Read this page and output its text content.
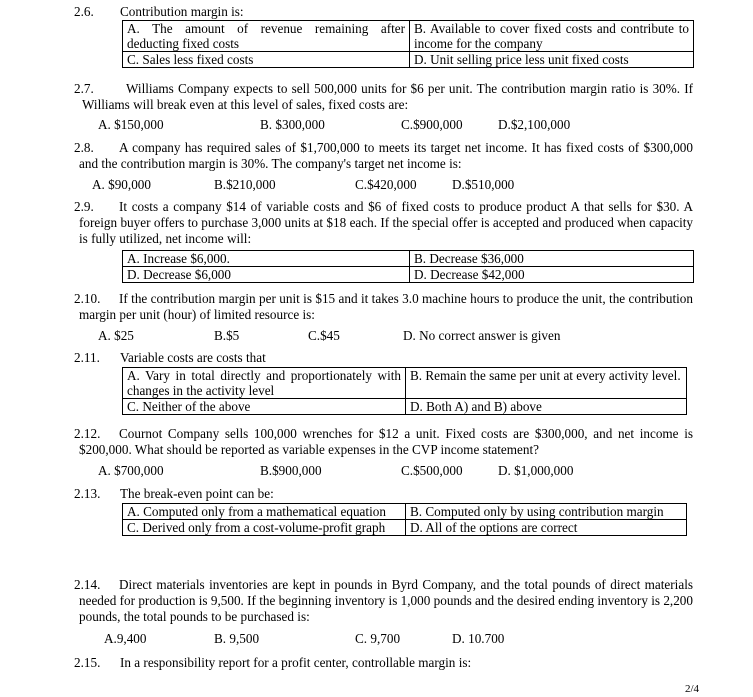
2.6. Contribution margin is:
A. The amount of revenue remaining after deducting fixed costs	B. Available to cover fixed costs and contribute to income for the company
C. Sales less fixed costs	D. Unit selling price less unit fixed costs
2.7.	Williams Company expects to sell 500,000 units for $6 per unit. The contribution margin ratio is 30%. If Williams will break even at this level of sales, fixed costs are:
A. $150,000	B. $300,000	C.$900,000	D.$2,100,000
2.8.	A company has required sales of $1,700,000 to meets its target net income. It has fixed costs of $300,000 and the contribution margin is 30%. The company's target net income is:
A. $90,000	B.$210,000	C.$420,000	D.$510,000
2.9.	It costs a company $14 of variable costs and $6 of fixed costs to produce product A that sells for $30. A foreign buyer offers to purchase 3,000 units at $18 each. If the special offer is accepted and produced when capacity is fully utilized, net income will:
A. Increase $6,000.	B. Decrease $36,000
D. Decrease $6,000	D. Decrease $42,000
2.10.	If the contribution margin per unit is $15 and it takes 3.0 machine hours to produce the unit, the contribution margin per unit (hour) of limited resource is:
A. $25	B.$5	C.$45	D. No correct answer is given
2.11. Variable costs are costs that
A. Vary in total directly and proportionately with changes in the activity level	B. Remain the same per unit at every activity level.
C. Neither of the above	D. Both A) and B) above
2.12.	Cournot Company sells 100,000 wrenches for $12 a unit. Fixed costs are $300,000, and net income is $200,000. What should be reported as variable expenses in the CVP income statement?
A. $700,000	B.$900,000	C.$500,000	D. $1,000,000
2.13. The break-even point can be:
A. Computed only from a mathematical equation	B. Computed only by using contribution margin
C. Derived only from a cost-volume-profit graph	D. All of the options are correct
2.14.	Direct materials inventories are kept in pounds in Byrd Company, and the total pounds of direct materials needed for production is 9,500. If the beginning inventory is 1,000 pounds and the desired ending inventory is 2,200 pounds, the total pounds to be purchased is:
A.9,400	B. 9,500	C. 9,700	D. 10.700
2.15. In a responsibility report for a profit center, controllable margin is:
2/4
